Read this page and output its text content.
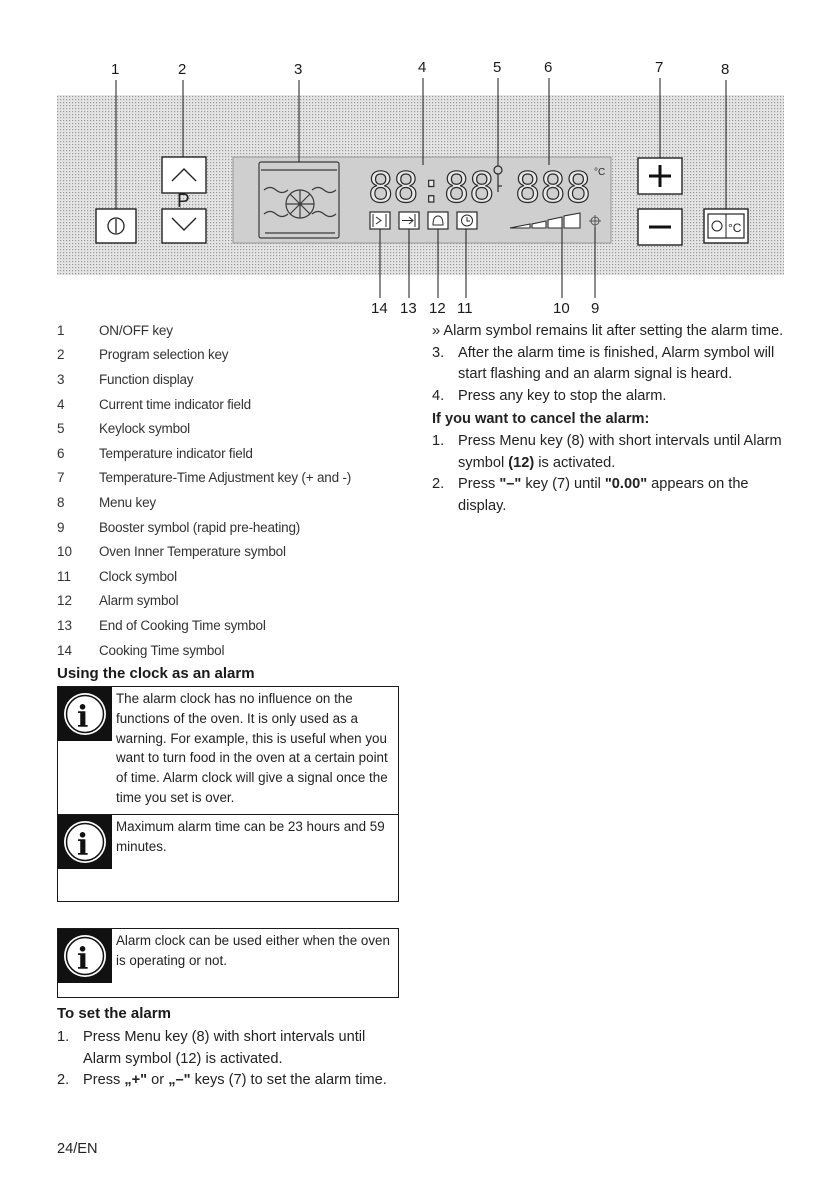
P	88:88 888 °C
°C
1	2	3	4	5	6	7	8
14 13 12 11	10 9
1	ON/OFF key
2	Program selection key
3	Function display
4	Current time indicator field
5	Keylock symbol
6	Temperature indicator field
7	Temperature-Time Adjustment key (+ and -)
8	Menu key
9	Booster symbol (rapid pre-heating)
10	Oven Inner Temperature symbol
11	Clock symbol
12	Alarm symbol
13	End of Cooking Time symbol
14	Cooking Time symbol
Using the clock as an alarm
i
The alarm clock has no influence on the functions of the oven. It is only used as a warning. For example, this is useful when you want to turn food in the oven at a certain point of time. Alarm clock will give a signal once the time you set is over.
i
Maximum alarm time can be 23 hours and 59 minutes.
i
Alarm clock can be used either when the oven is operating or not.
To set the alarm
1. Press Menu key (8) with short intervals until Alarm symbol (12) is activated.
2. Press „+" or „–" keys (7) to set the alarm time.
» Alarm symbol remains lit after setting the alarm time.
3. After the alarm time is finished, Alarm symbol will start flashing and an alarm signal is heard.
4. Press any key to stop the alarm.
If you want to cancel the alarm:
1. Press Menu key (8) with short intervals until Alarm symbol (12) is activated.
2. Press "–" key (7) until "0.00" appears on the display.
24/EN
